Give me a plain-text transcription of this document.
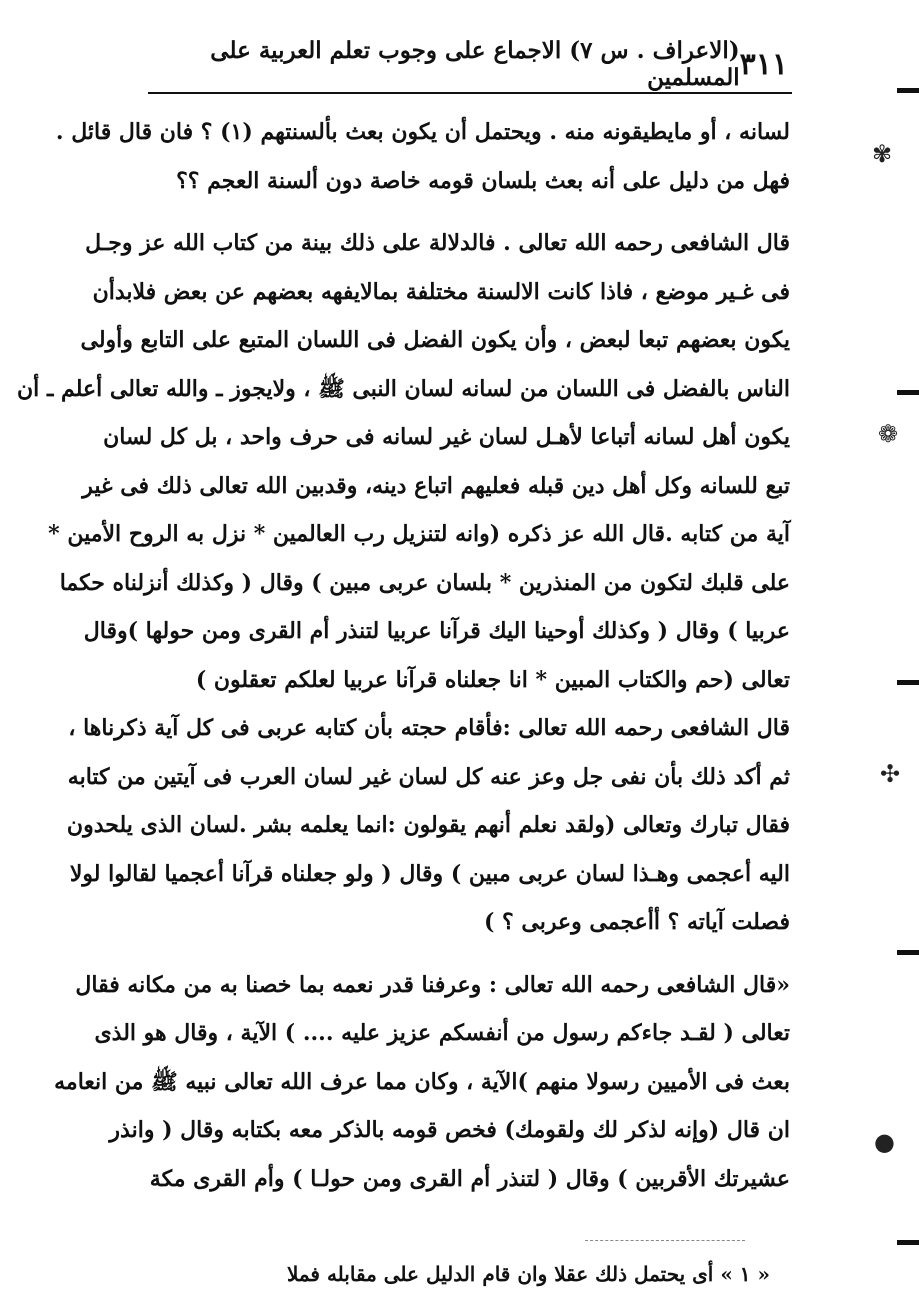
٣١١
(الاعراف . س ٧) الاجماع على وجوب تعلم العربية على المسلمين
لسانه ، أو مايطيقونه منه . ويحتمل أن يكون بعث بألسنتهم (١) ؟ فان قال قائل .
فهل من دليل على أنه بعث بلسان قومه خاصة دون ألسنة العجم ؟؟
قال الشافعى رحمه الله تعالى . فالدلالة على ذلك بينة من كتاب الله عز وجـل
فى غـير موضع ، فاذا كانت الالسنة مختلفة بمالايفهه بعضهم عن بعض فلابدأن
يكون بعضهم تبعا لبعض ، وأن يكون الفضل فى اللسان المتبع على التابع وأولى
الناس بالفضل فى اللسان من لسانه لسان النبى ﷺ ، ولايجوز ـ والله تعالى أعلم ـ أن
يكون أهل لسانه أتباعا لأهـل لسان غير لسانه فى حرف واحد ، بل كل لسان
تبع للسانه وكل أهل دين قبله فعليهم اتباع دينه، وقدبين الله تعالى ذلك فى غير
آية من كتابه .قال الله عز ذكره (وانه لتنزيل رب العالمين * نزل به الروح الأمين *
على قلبك لتكون من المنذرين * بلسان عربى مبين ) وقال ( وكذلك أنزلناه حكما
عربيا ) وقال ( وكذلك أوحينا اليك قرآنا عربيا لتنذر أم القرى ومن حولها )وقال
تعالى (حم والكتاب المبين * انا جعلناه قرآنا عربيا لعلكم تعقلون )
قال الشافعى رحمه الله تعالى :فأقام حجته بأن كتابه عربى فى كل آية ذكرناها ،
ثم أكد ذلك بأن نفى جل وعز عنه كل لسان غير لسان العرب فى آيتين من كتابه
فقال تبارك وتعالى (ولقد نعلم أنهم يقولون :انما يعلمه بشر .لسان الذى يلحدون
اليه أعجمى وهـذا لسان عربى مبين ) وقال ( ولو جعلناه قرآنا أعجميا لقالوا لولا
فصلت آياته ؟ أأعجمى وعربى ؟ )
«قال الشافعى رحمه الله تعالى : وعرفنا قدر نعمه بما خصنا به من مكانه فقال
تعالى ( لقـد جاءكم رسول من أنفسكم عزيز عليه .... ) الآية ، وقال هو الذى
بعث فى الأميين رسولا منهم )الآية ، وكان مما عرف الله تعالى نبيه ﷺ من انعامه
ان قال (وإنه لذكر لك ولقومك) فخص قومه بالذكر معه بكتابه وقال ( وانذر
عشيرتك الأقربين ) وقال ( لتنذر أم القرى ومن حولـا ) وأم القرى مكة
« ١ » أى يحتمل ذلك عقلا وان قام الدليل على مقابله فملا
✾
❁
✣
●
